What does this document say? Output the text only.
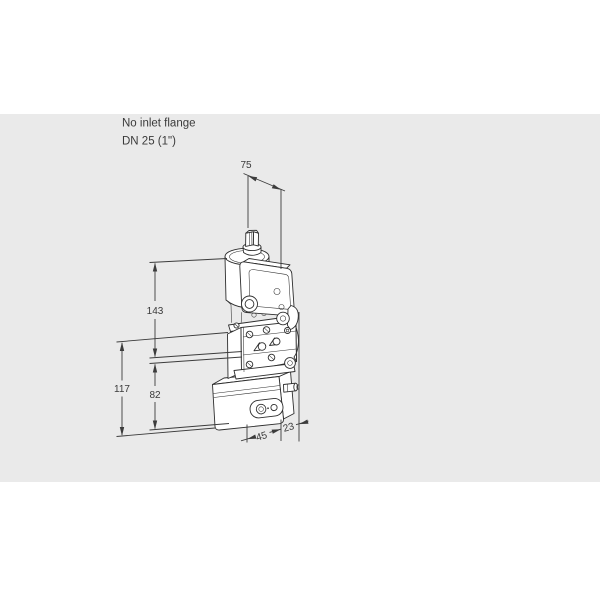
No inlet flange
DN 25 (1")
75
143
117
82
45
23
